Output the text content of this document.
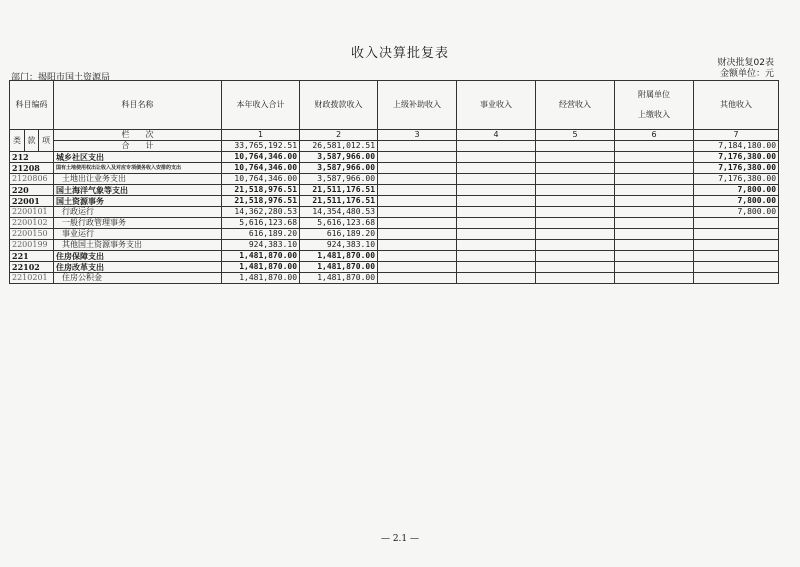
收入决算批复表
部门：揭阳市国土资源局
财决批复02表
金额单位：元
科目编码			科目名称	本年收入合计	财政拨款收入	上级补助收入	事业收入	经营收入	附属单位
上缴收入	其他收入
类	款	项	栏　　次	1	2	3	4	5	6	7
			合　　计	33,765,192.51	26,581,012.51					7,184,180.00
212			城乡社区支出	10,764,346.00	3,587,966.00					7,176,380.00
21208			国有土地使用权出让收入及对应专项债务收入安排的支出	10,764,346.00	3,587,966.00					7,176,380.00
2120806			土地出让业务支出	10,764,346.00	3,587,966.00					7,176,380.00
220			国土海洋气象等支出	21,518,976.51	21,511,176.51					7,800.00
22001			国土资源事务	21,518,976.51	21,511,176.51					7,800.00
2200101			行政运行	14,362,280.53	14,354,480.53					7,800.00
2200102			一般行政管理事务	5,616,123.68	5,616,123.68					
2200150			事业运行	616,189.20	616,189.20					
2200199			其他国土资源事务支出	924,383.10	924,383.10					
221			住房保障支出	1,481,870.00	1,481,870.00					
22102			住房改革支出	1,481,870.00	1,481,870.00					
2210201			住房公积金	1,481,870.00	1,481,870.00					
— 2.1 —
